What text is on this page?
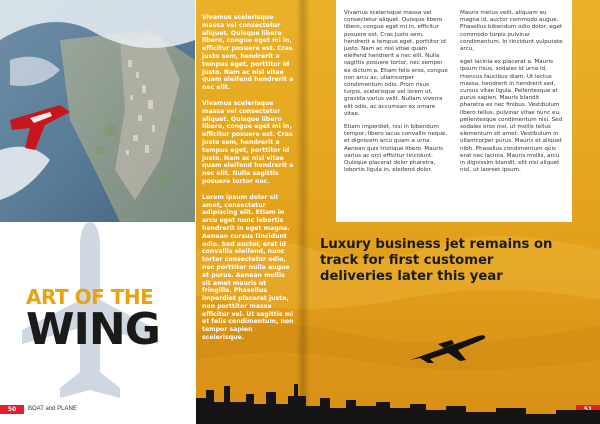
ART OF THE
WING
50	BOAT and PLANE

Vivamus scelerisque massa vel consectetur aliquet. Quisque libero libero, congue eget mi in, efficitur posuere est. Cras justo sem, hendrerit a tempus eget, porttitor id justo. Nam ac nisl vitae quam eleifend hendrerit a nec elit. Nulla sagittis posuere tortor, nec semper ex dictum a. Etiam felis eros, congue non arcu ac, ullamcorper condimentum odio. Proin risus turpis, scelerisque vel lorem ut, gravida varius velit. Nullam viverra elit odio, ac accumsan ex ornare vitae.

Etiam imperdiet, nisi in bibendum tempor, libero lacus convallis neque, et dignissim arcu quam a urna. Aenean quis tristique libero. Mauris varius ac orci efficitur tincidunt. Quisque placerat dolor pharetra, lobortis ligula in, eleifend dolor.

Mauris metus velit, aliquam eu magna id, auctor commodo augue. Phasellus bibendum odio dolor, eget commodo turpis pulvinar condimentum. In tincidunt vulputate arcu,

eget lacinia ex placerat a. Mauris ipsum risus, sodales id urna id, rhoncus faucibus diam. Ut lectus massa, hendrerit in hendrerit sed, cursus vitae ligula. Pellentesque at purus sapien. Mauris blandit pharetra ex nec finibus. Vestibulum libero tellus, pulvinar vitae nunc eu, pellentesque condimentum nisi. Sed sodales eros nisi, ut mollis tellus elementum sit amet. Vestibulum in ullamcorper purus. Mauris et aliquet nibh. Phasellus condimentum quis erat nec lacinia. Mauris mollis, arcu in dignissim blandit, elit nisi aliquet nisl, ut laoreet ipsum.

Luxury business jet remains on track for first customer deliveries later this year
51

Vivamus scelerisque massa vel consectetur aliquet. Quisque libero libero, congue eget mi in, efficitur posuere est. Cras justo sem, hendrerit a tempus eget, porttitor id justo. Nam ac nisl vitae quam eleifend hendrerit a nec elit.

Vivamus scelerisque massa vel consectetur aliquet. Quisque libero libero, congue eget mi in, efficitur posuere est. Cras justo sem, hendrerit a tempus eget, porttitor id justo. Nam ac nisl vitae quam eleifend hendrerit a nec elit. Nulla sagittis posuere tortor nec.

Lorem ipsum dolor sit amet, consectetur adipiscing elit. Etiam in arcu eget nunc lobortis hendrerit in eget magna. Aenean cursus tincidunt odio. Sed auctor, erat id convallis eleifend, nunc tortor consectetur odio, nec porttitor nulla augue at purus. Aenean mollis sit amet mauris ut fringilla. Phasellus imperdiet placerat justo, non porttitor massa efficitur vel. Ut sagittis mi et felis condimentum, non tempor sapien scelerisque.
